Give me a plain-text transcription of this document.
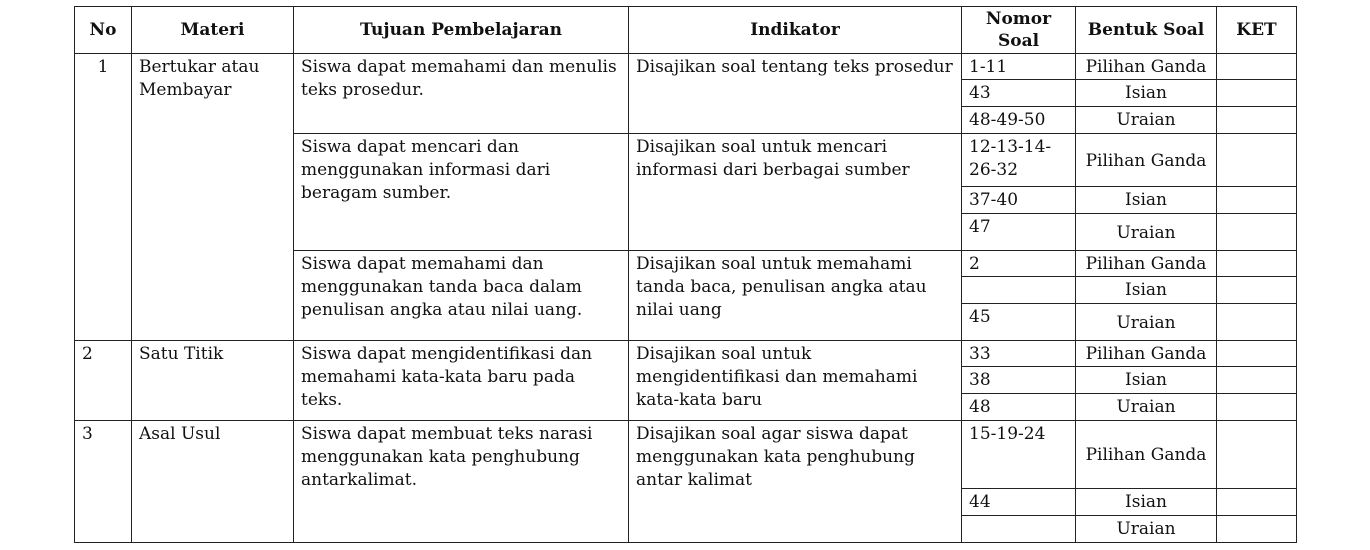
No	Materi	Tujuan Pembelajaran	Indikator	Nomor Soal	Bentuk Soal	KET
1	Bertukar atau Membayar	Siswa dapat memahami dan menulis teks prosedur.	Disajikan soal tentang teks prosedur	1-11	Pilihan Ganda	
				43	Isian	
				48-49-50	Uraian	
		Siswa dapat mencari dan menggunakan informasi dari beragam sumber.	Disajikan soal untuk mencari informasi dari berbagai sumber	12-13-14-26-32	Pilihan Ganda	
				37-40	Isian	
				47	Uraian	
		Siswa dapat memahami dan menggunakan tanda baca dalam penulisan angka atau nilai uang.	Disajikan soal untuk memahami tanda baca, penulisan angka atau nilai uang	2	Pilihan Ganda	
					Isian	
				45	Uraian	
2	Satu Titik	Siswa dapat mengidentifikasi dan memahami kata-kata baru pada teks.	Disajikan soal untuk mengidentifikasi dan memahami kata-kata baru	33	Pilihan Ganda	
				38	Isian	
				48	Uraian	
3	Asal Usul	Siswa dapat membuat teks narasi menggunakan kata penghubung antarkalimat.	Disajikan soal agar siswa dapat menggunakan kata penghubung antar kalimat	15-19-24	Pilihan Ganda	
				44	Isian	
					Uraian	
